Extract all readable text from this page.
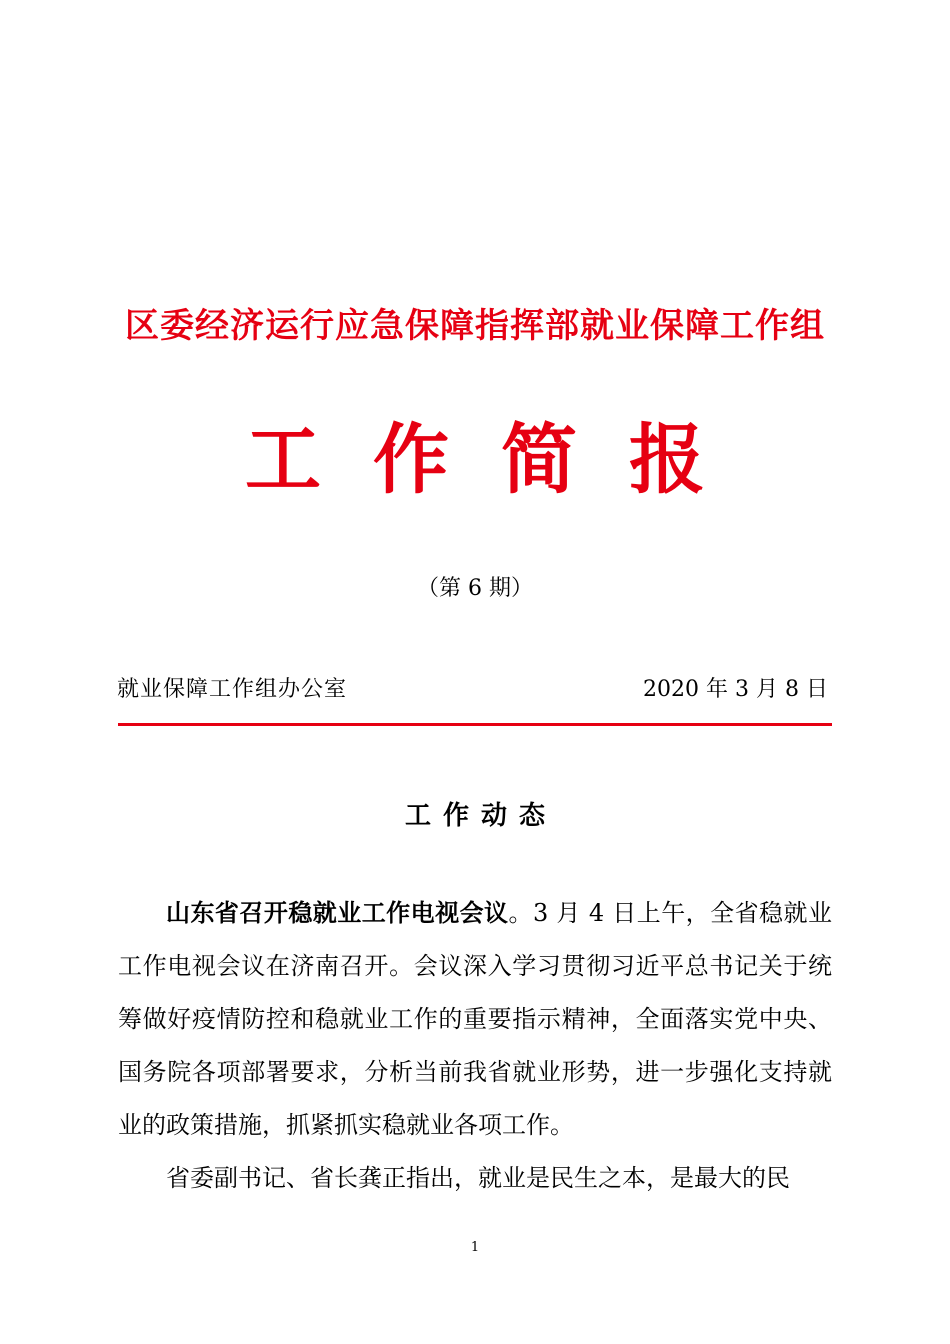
区委经济运行应急保障指挥部就业保障工作组
工作简报
（第 6 期）
就业保障工作组办公室	2020 年 3 月 8 日
工作动态

山东省召开稳就业工作电视会议。3 月 4 日上午，全省稳就业工作电视会议在济南召开。会议深入学习贯彻习近平总书记关于统筹做好疫情防控和稳就业工作的重要指示精神，全面落实党中央、国务院各项部署要求，分析当前我省就业形势，进一步强化支持就业的政策措施，抓紧抓实稳就业各项工作。

省委副书记、省长龚正指出，就业是民生之本，是最大的民

1
